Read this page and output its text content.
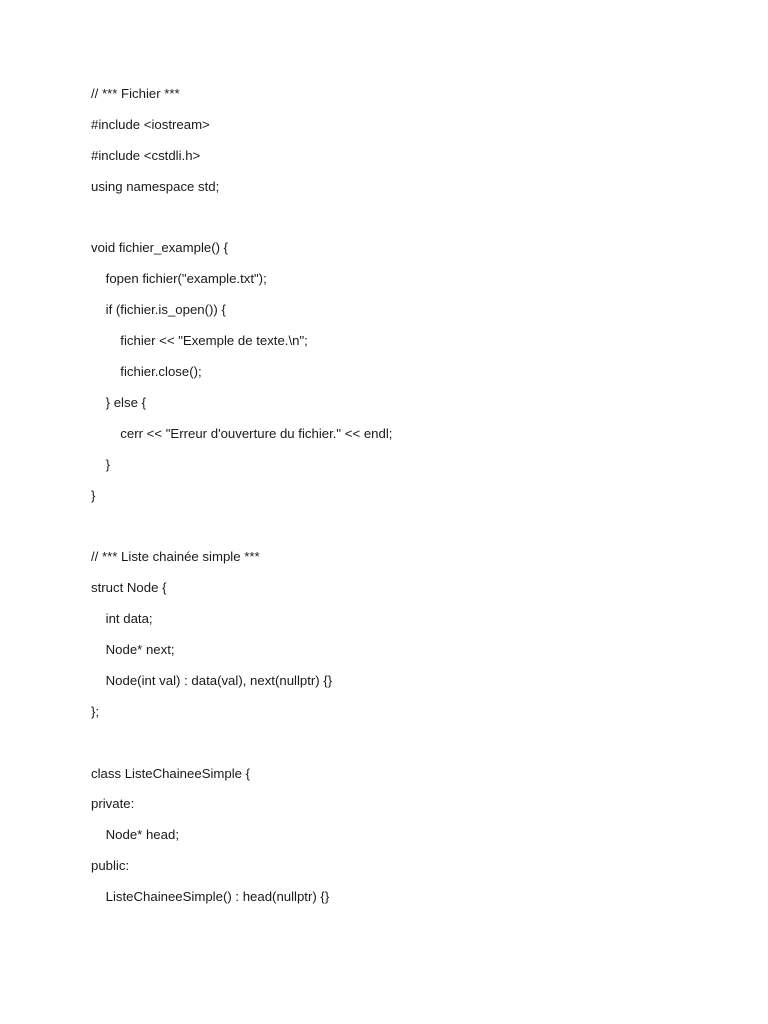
// *** Fichier ***
#include <iostream>
#include <cstdli.h>
using namespace std;
void fichier_example() {
fopen fichier("example.txt");
if (fichier.is_open()) {
fichier << "Exemple de texte.\n";
fichier.close();
} else {
cerr << "Erreur d'ouverture du fichier." << endl;
}
}
// *** Liste chainée simple ***
struct Node {
int data;
Node* next;
Node(int val) : data(val), next(nullptr) {}
};
class ListeChaineeSimple {
private:
Node* head;
public:
ListeChaineeSimple() : head(nullptr) {}
